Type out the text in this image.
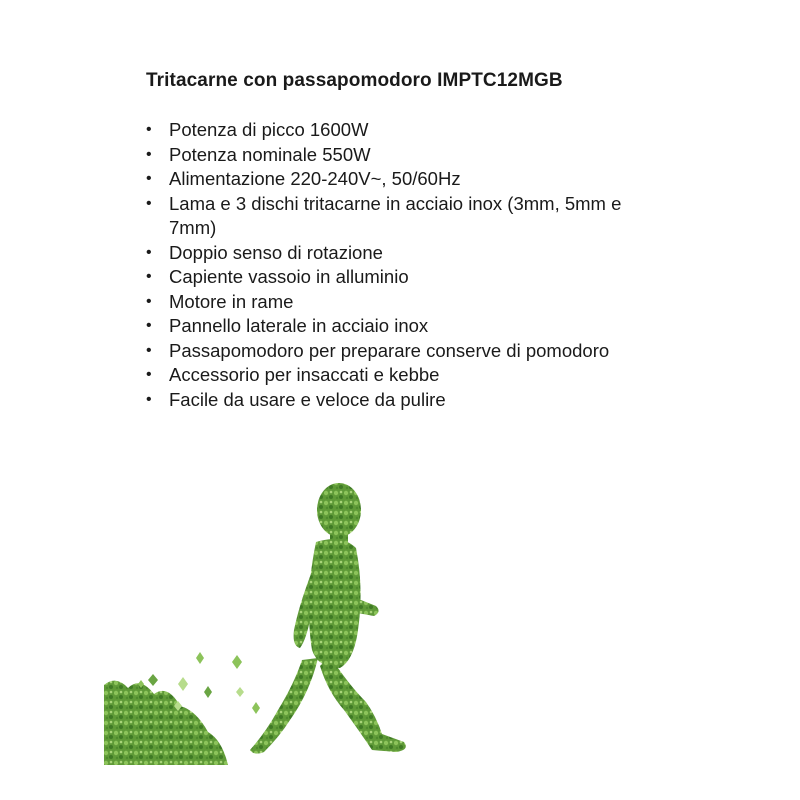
Tritacarne con passapomodoro IMPTC12MGB
• Potenza di picco 1600W
• Potenza nominale 550W
• Alimentazione 220-240V~, 50/60Hz
• Lama e 3 dischi tritacarne in acciaio inox (3mm, 5mm e 7mm)
• Doppio senso di rotazione
• Capiente vassoio in alluminio
• Motore in rame
• Pannello laterale in acciaio inox
• Passapomodoro per preparare conserve di pomodoro
• Accessorio per insaccati e kebbe
• Facile da usare e veloce da pulire
